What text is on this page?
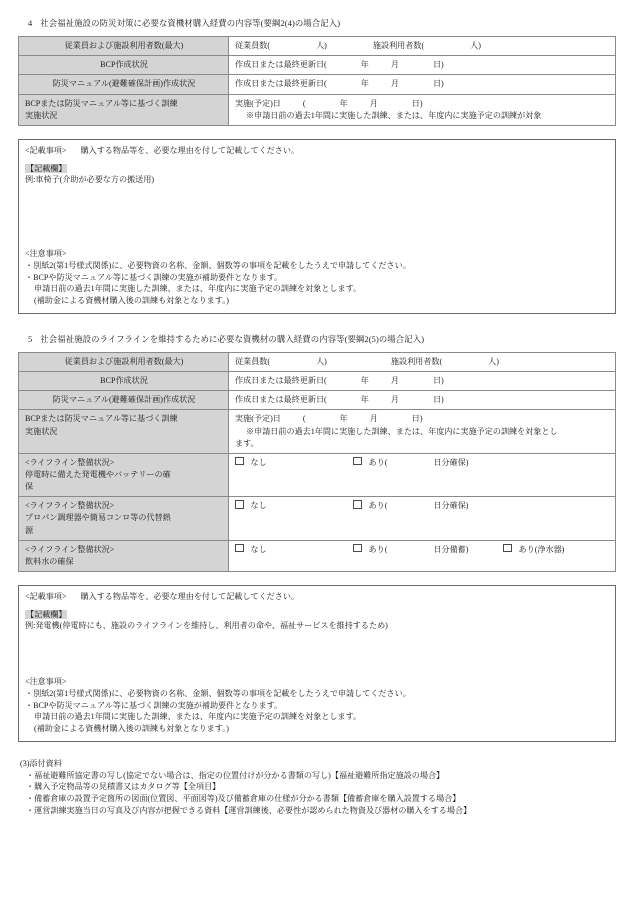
4 社会福祉施設の防災対策に必要な資機材購入経費の内容等(要綱2(4)の場合記入)

従業員および施設利用者数(最大)	従業員数( 人) 施設利用者数( 人)
BCP作成状況	作成日または最終更新日( 年 月 日)
防災マニュアル(避難確保計画)作成状況	作成日または最終更新日( 年 月 日)
BCPまたは防災マニュアル等に基づく訓練
実施状況	実施(予定)日 ( 年 月 日)
※申請日前の過去1年間に実施した訓練、または、年度内に実施予定の訓練が対象

<記載事項> 購入する物品等を、必要な理由を付して記載してください。

【記載欄】

例:車椅子(介助が必要な方の搬送用)

<注意事項>

・別紙2(第1号様式関係)に、必要物資の名称、金額、個数等の事項を記載をしたうえで申請してください。
・BCPや防災マニュアル等に基づく訓練の実施が補助要件となります。
申請日前の過去1年間に実施した訓練、または、年度内に実施予定の訓練を対象とします。
(補助金による資機材購入後の訓練も対象となります。)

5 社会福祉施設のライフラインを維持するために必要な資機材の購入経費の内容等(要綱2(5)の場合記入)

従業員および施設利用者数(最大)	従業員数( 人) 施設利用者数( 人)
BCP作成状況	作成日または最終更新日( 年 月 日)
防災マニュアル(避難確保計画)作成状況	作成日または最終更新日( 年 月 日)
BCPまたは防災マニュアル等に基づく訓練
実施状況	実施(予定)日 ( 年 月 日)
※申請日前の過去1年間に実施した訓練、または、年度内に実施予定の訓練を対象とし
ます。
<ライフライン整備状況>
停電時に備えた発電機やバッテリーの確
保	なし あり( 日分確保)
<ライフライン整備状況>
プロパン調理器や簡易コンロ等の代替熱
源	なし あり( 日分確保)
<ライフライン整備状況>
飲料水の確保	なし あり( 日分備蓄) あり(浄水器)

<記載事項> 購入する物品等を、必要な理由を付して記載してください。

【記載欄】

例:発電機(停電時にも、施設のライフラインを維持し、利用者の命や、福祉サービスを維持するため)

<注意事項>

・別紙2(第1号様式関係)に、必要物資の名称、金額、個数等の事項を記載をしたうえで申請してください。
・BCPや防災マニュアル等に基づく訓練の実施が補助要件となります。
申請日前の過去1年間に実施した訓練、または、年度内に実施予定の訓練を対象とします。
(補助金による資機材購入後の訓練も対象となります。)

(3)添付資料

・福祉避難所協定書の写し(協定でない場合は、指定の位置付けが分かる書類の写し)【福祉避難所指定施設の場合】
・購入予定物品等の見積書又はカタログ等【全項目】
・備蓄倉庫の設置予定箇所の図面(位置図、平面図等)及び備蓄倉庫の仕様が分かる書類【備蓄倉庫を購入設置する場合】
・運営訓練実施当日の写真及び内容が把握できる資料【運営訓練後、必要性が認められた物資及び器材の購入をする場合】
